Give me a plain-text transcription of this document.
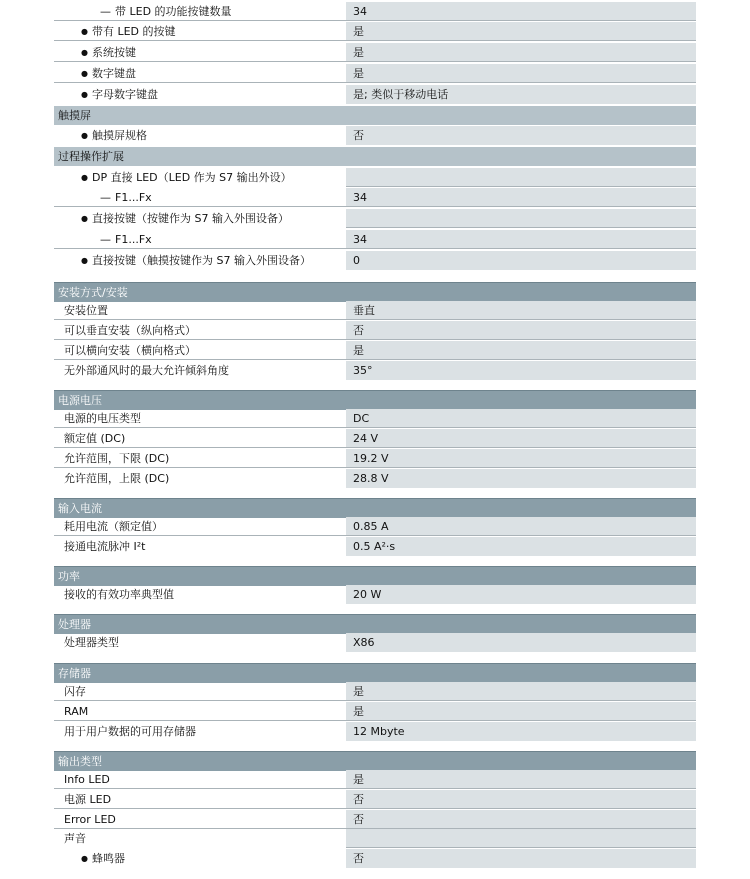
— 带 LED 的功能按键数量	34
● 带有 LED 的按键	是
● 系统按键	是
● 数字键盘	是
● 字母数字键盘	是; 类似于移动电话
触摸屏
● 触摸屏规格	否
过程操作扩展
● DP 直接 LED（LED 作为 S7 输出外设）
— F1...Fx	34
● 直接按键（按键作为 S7 输入外围设备）
— F1...Fx	34
● 直接按键（触摸按键作为 S7 输入外围设备）	0
安装方式/安装
安装位置	垂直
可以垂直安装（纵向格式）	否
可以横向安装（横向格式）	是
无外部通风时的最大允许倾斜角度	35°
电源电压
电源的电压类型	DC
额定值 (DC)	24 V
允许范围，下限 (DC)	19.2 V
允许范围，上限 (DC)	28.8 V
输入电流
耗用电流（额定值）	0.85 A
接通电流脉冲 I²t	0.5 A²·s
功率
接收的有效功率典型值	20 W
处理器
处理器类型	X86
存储器
闪存	是
RAM	是
用于用户数据的可用存储器	12 Mbyte
输出类型
Info LED	是
电源 LED	否
Error LED	否
声音
● 蜂鸣器	否
